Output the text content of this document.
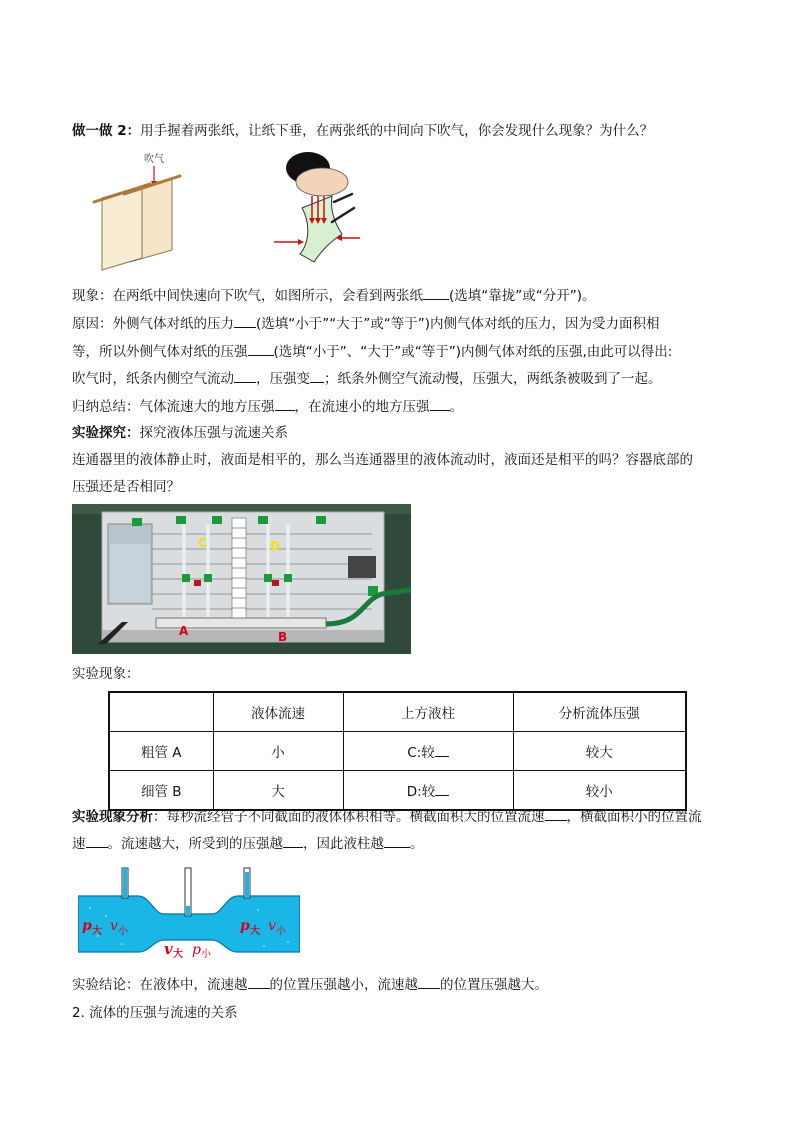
做一做 2：用手握着两张纸，让纸下垂，在两张纸的中间向下吹气，你会发现什么现象？为什么？
吹气
现象：在两纸中间快速向下吹气，如图所示，会看到两张纸 (选填“靠拢”或“分开”)。
原因：外侧气体对纸的压力 (选填“小于”“大于”或“等于”)内侧气体对纸的压力，因为受力面积相
等，所以外侧气体对纸的压强 (选填“小于”、“大于”或“等于”)内侧气体对纸的压强,由此可以得出:
吹气时，纸条内侧空气流动 ，压强变 ；纸条外侧空气流动慢，压强大，两纸条被吸到了一起。
归纳总结：气体流速大的地方压强 ，在流速小的地方压强 。
实验探究：探究液体压强与流速关系
连通器里的液体静止时，液面是相平的，那么当连通器里的液体流动时，液面还是相平的吗？容器底部的
压强还是否相同？
C	D
A	B
实验现象：
	液体流速	上方液柱	分析流体压强
粗管 A	小	C:较	较大
细管 B	大	D:较	较小
实验现象分析：每秒流经管子不同截面的液体体积相等。横截面积大的位置流速 ，横截面积小的位置流
速 。流速越大，所受到的压强越 ，因此液柱越 。
p 大 v 小
v 大 p 小
p 大 v 小
实验结论：在液体中，流速越 的位置压强越小，流速越 的位置压强越大。
2. 流体的压强与流速的关系
